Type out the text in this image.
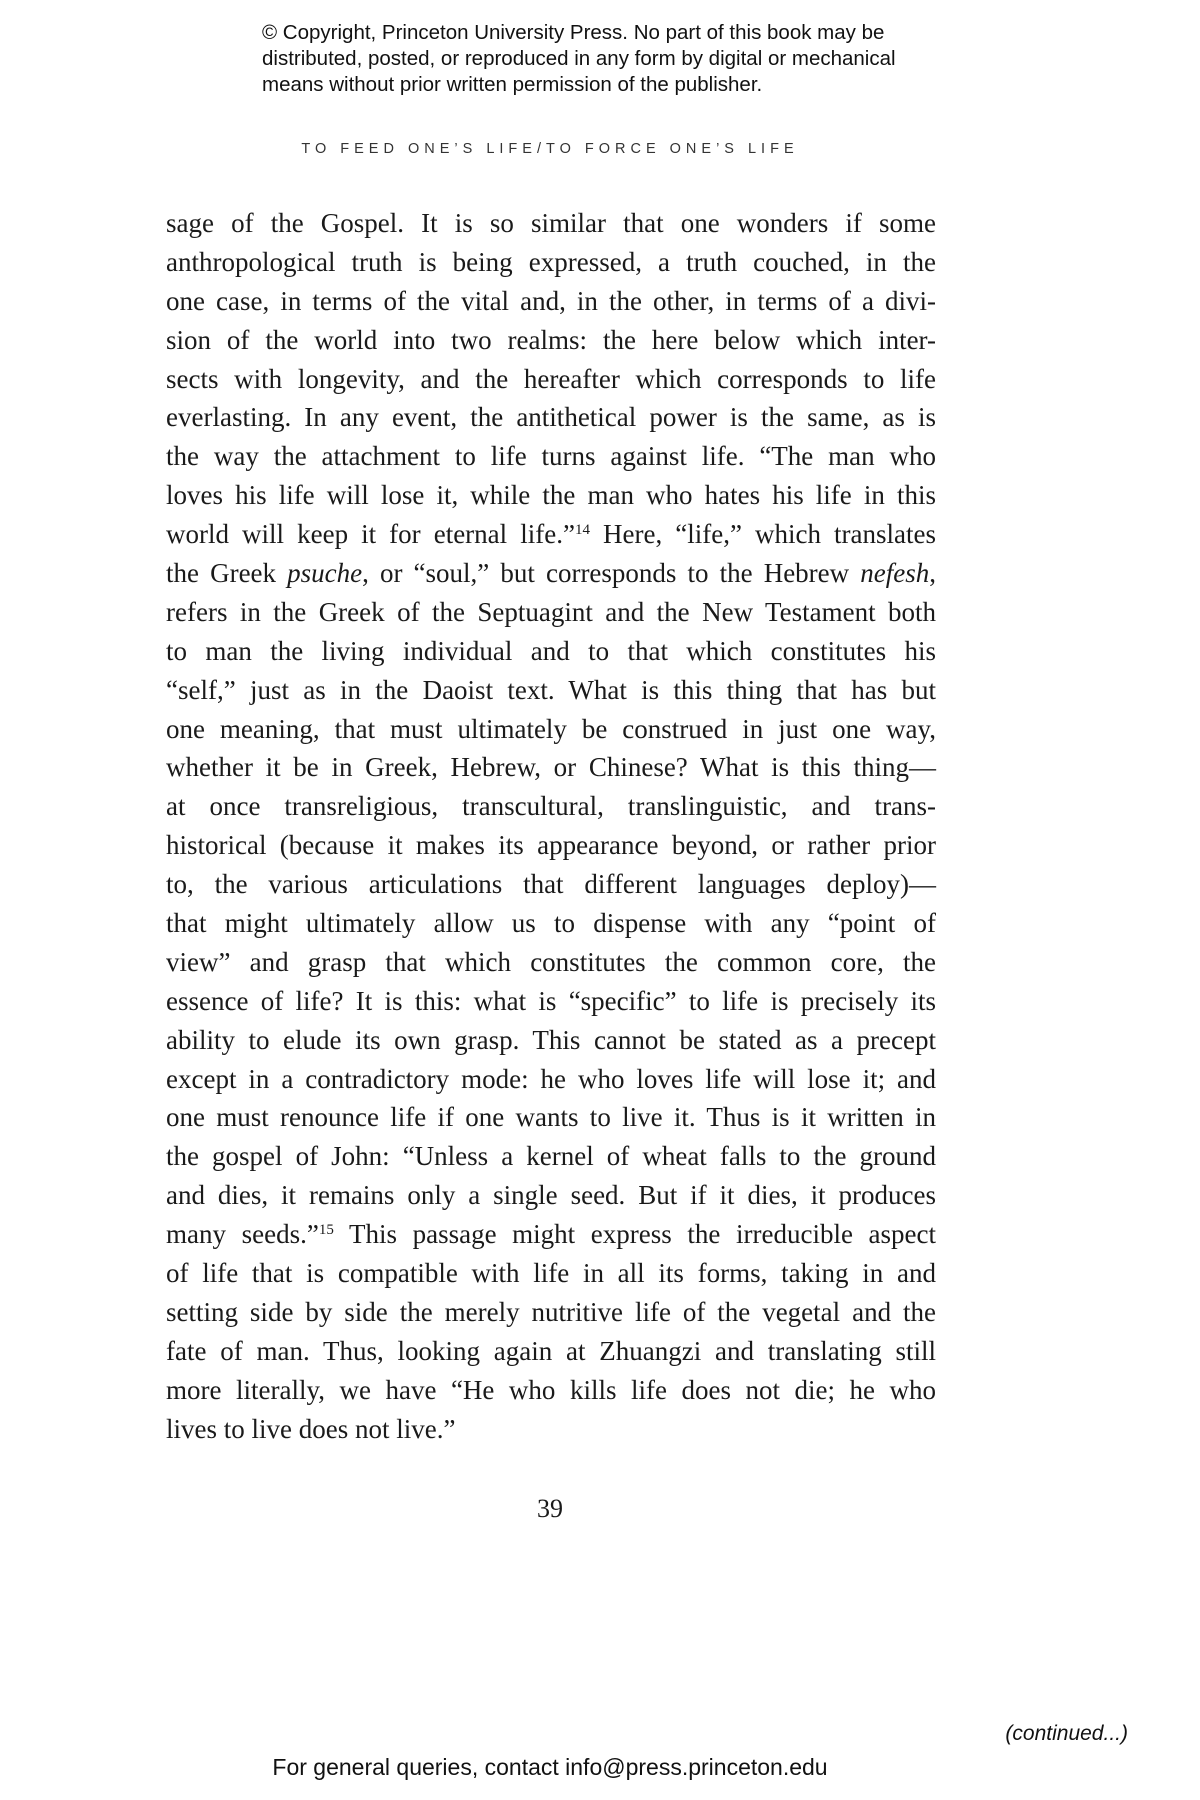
© Copyright, Princeton University Press. No part of this book may be
distributed, posted, or reproduced in any form by digital or mechanical
means without prior written permission of the publisher.
TO FEED ONE’S LIFE/TO FORCE ONE’S LIFE
sage of the Gospel. It is so similar that one wonders if some
anthropological truth is being expressed, a truth couched, in the
one case, in terms of the vital and, in the other, in terms of a divi-
sion of the world into two realms: the here below which inter-
sects with longevity, and the hereafter which corresponds to life
everlasting. In any event, the antithetical power is the same, as is
the way the attachment to life turns against life. “The man who
loves his life will lose it, while the man who hates his life in this
world will keep it for eternal life.”$^{14}$ Here, “life,” which translates
the Greek psuche, or “soul,” but corresponds to the Hebrew nefesh,
refers in the Greek of the Septuagint and the New Testament both
to man the living individual and to that which constitutes his
“self,” just as in the Daoist text. What is this thing that has but
one meaning, that must ultimately be construed in just one way,
whether it be in Greek, Hebrew, or Chinese? What is this thing—
at once transreligious, transcultural, translinguistic, and trans-
historical (because it makes its appearance beyond, or rather prior
to, the various articulations that different languages deploy)—
that might ultimately allow us to dispense with any “point of
view” and grasp that which constitutes the common core, the
essence of life? It is this: what is “specific” to life is precisely its
ability to elude its own grasp. This cannot be stated as a precept
except in a contradictory mode: he who loves life will lose it; and
one must renounce life if one wants to live it. Thus is it written in
the gospel of John: “Unless a kernel of wheat falls to the ground
and dies, it remains only a single seed. But if it dies, it produces
many seeds.”$^{15}$ This passage might express the irreducible aspect
of life that is compatible with life in all its forms, taking in and
setting side by side the merely nutritive life of the vegetal and the
fate of man. Thus, looking again at Zhuangzi and translating still
more literally, we have “He who kills life does not die; he who
lives to live does not live.”
39
(continued...)
For general queries, contact info@press.princeton.edu
